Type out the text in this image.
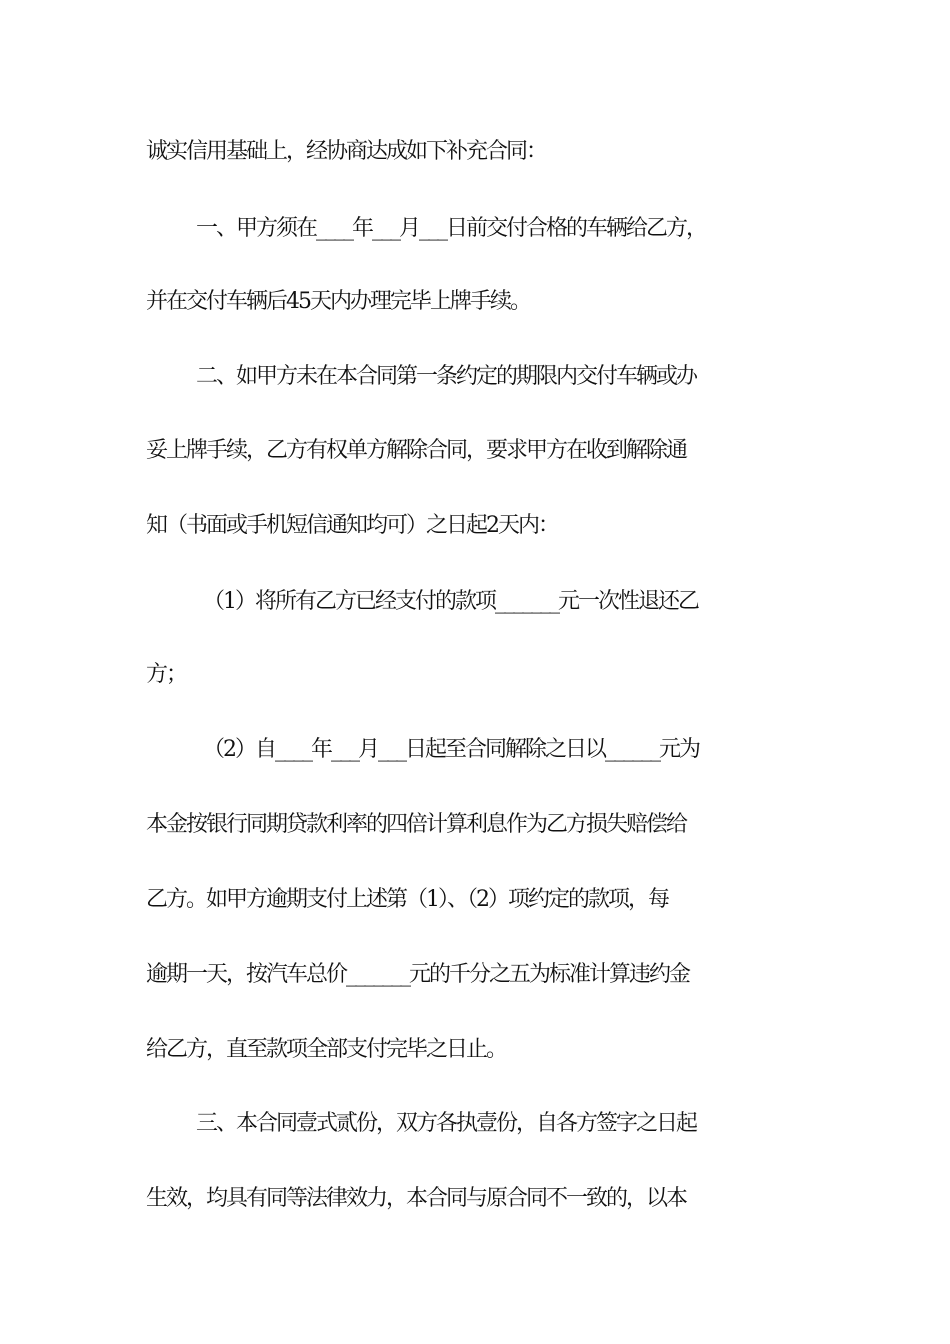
诚实信用基础上，经协商达成如下补充合同：
一、甲方须在____年___月___日前交付合格的车辆给乙方，
并在交付车辆后45天内办理完毕上牌手续。
二、如甲方未在本合同第一条约定的期限内交付车辆或办
妥上牌手续，乙方有权单方解除合同，要求甲方在收到解除通
知（书面或手机短信通知均可）之日起2天内：
（1）将所有乙方已经支付的款项_______元一次性退还乙
方；
（2）自____年___月___日起至合同解除之日以______元为
本金按银行同期贷款利率的四倍计算利息作为乙方损失赔偿给
乙方。如甲方逾期支付上述第（1）、（2）项约定的款项，每
逾期一天，按汽车总价_______元的千分之五为标准计算违约金
给乙方，直至款项全部支付完毕之日止。
三、本合同壹式贰份，双方各执壹份，自各方签字之日起
生效，均具有同等法律效力，本合同与原合同不一致的，以本
